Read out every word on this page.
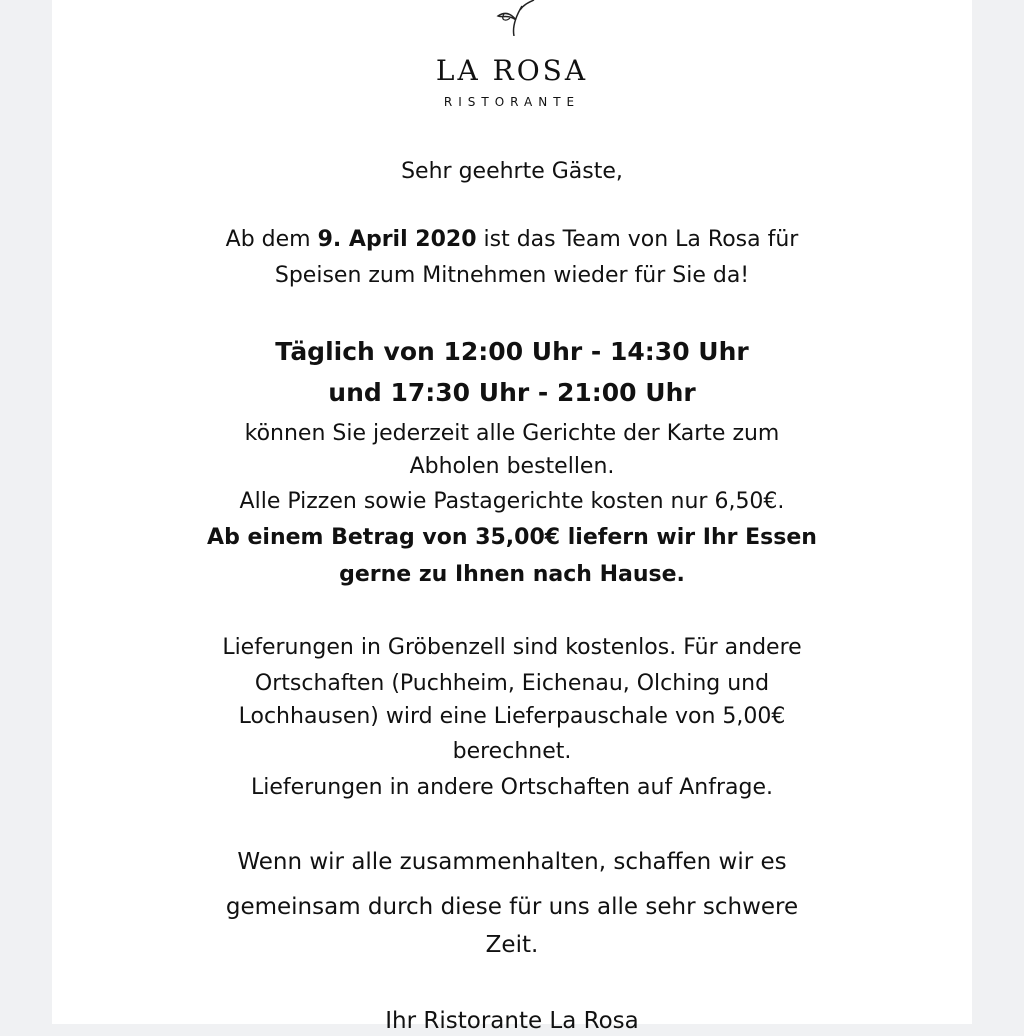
LA ROSA
RISTORANTE
Sehr geehrte Gäste,
Ab dem 9. April 2020 ist das Team von La Rosa für
Speisen zum Mitnehmen wieder für Sie da!
Täglich von 12:00 Uhr - 14:30 Uhr
und 17:30 Uhr - 21:00 Uhr
können Sie jederzeit alle Gerichte der Karte zum
Abholen bestellen.
Alle Pizzen sowie Pastagerichte kosten nur 6,50€.
Ab einem Betrag von 35,00€ liefern wir Ihr Essen
gerne zu Ihnen nach Hause.
Lieferungen in Gröbenzell sind kostenlos. Für andere
Ortschaften (Puchheim, Eichenau, Olching und
Lochhausen) wird eine Lieferpauschale von 5,00€
berechnet.
Lieferungen in andere Ortschaften auf Anfrage.
Wenn wir alle zusammenhalten, schaffen wir es
gemeinsam durch diese für uns alle sehr schwere
Zeit.
Ihr Ristorante La Rosa
